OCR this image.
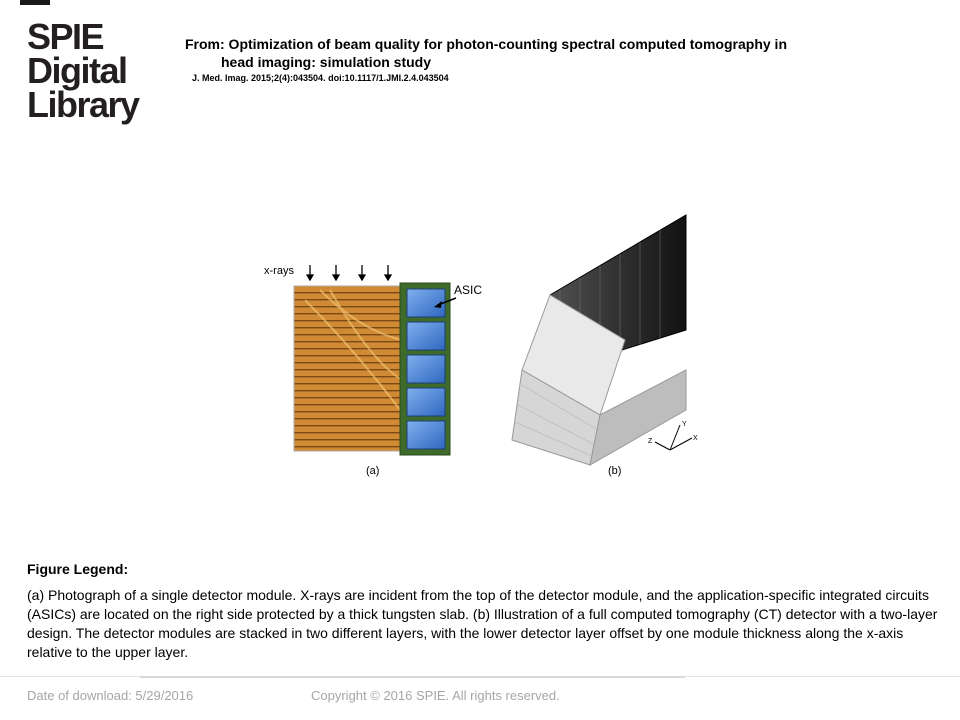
SPIE
Digital
Library
From: Optimization of beam quality for photon-counting spectral computed tomography in
head imaging: simulation study
J. Med. Imag. 2015;2(4):043504. doi:10.1117/1.JMI.2.4.043504
x-rays
ASIC
(a)
Y
X
Z
(b)
Figure Legend:
(a) Photograph of a single detector module. X-rays are incident from the top of the detector module, and the application-specific integrated circuits (ASICs) are located on the right side protected by a thick tungsten slab. (b) Illustration of a full computed tomography (CT) detector with a two-layer design. The detector modules are stacked in two different layers, with the lower detector layer offset by one module thickness along the x-axis relative to the upper layer.
Date of download: 5/29/2016	Copyright © 2016 SPIE. All rights reserved.
